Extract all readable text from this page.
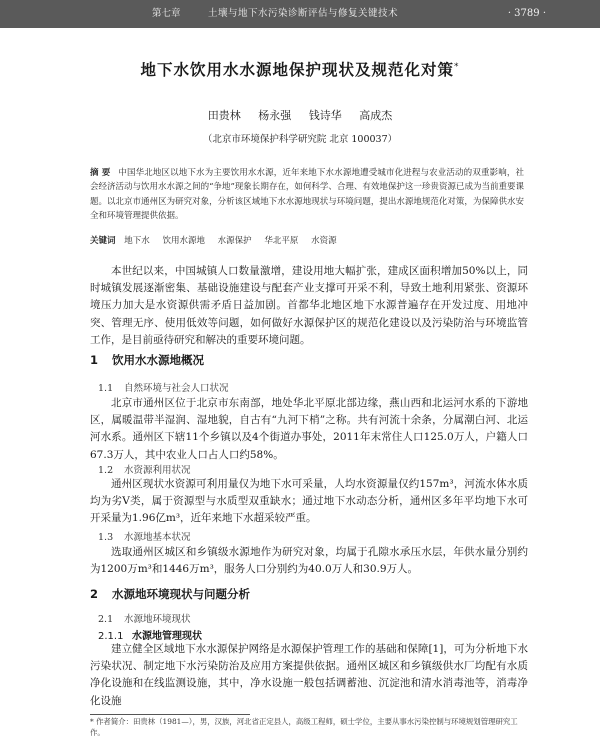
第七章	土壤与地下水污染诊断评估与修复关键技术	· 3789 ·
地下水饮用水水源地保护现状及规范化对策*
田贵林 杨永强 钱诗华 高成杰
（北京市环境保护科学研究院 北京 100037）
摘 要 中国华北地区以地下水为主要饮用水水源，近年来地下水水源地遭受城市化进程与农业活动的双重影响，社会经济活动与饮用水水源之间的“争地”现象长期存在，如何科学、合理、有效地保护这一珍贵资源已成为当前重要课题。以北京市通州区为研究对象，分析该区域地下水水源地现状与环境问题，提出水源地规范化对策，为保障供水安全和环境管理提供依据。
关键词 地下水 饮用水源地 水源保护 华北平原 水资源
本世纪以来，中国城镇人口数量激增，建设用地大幅扩张，建成区面积增加50%以上，同时城镇发展逐渐密集、基础设施建设与配套产业支撑可开采不利，导致土地利用紧张、资源环境压力加大是水资源供需矛盾日益加剧。首都华北地区地下水源普遍存在开发过度、用地冲突、管理无序、使用低效等问题，如何做好水源保护区的规范化建设以及污染防治与环境监管工作，是目前亟待研究和解决的重要环境问题。
1 饮用水水源地概况
1.1 自然环境与社会人口状况
北京市通州区位于北京市东南部，地处华北平原北部边缘，燕山西和北运河水系的下游地区，属暖温带半湿润、湿地貌，自古有“九河下梢”之称。共有河流十余条，分属潮白河、北运河水系。通州区下辖11个乡镇以及4个街道办事处，2011年末常住人口125.0万人，户籍人口67.3万人，其中农业人口占人口约58%。
1.2 水资源利用状况
通州区现状水资源可利用量仅为地下水可采量，人均水资源量仅约157m³，河流水体水质均为劣Ⅴ类，属于资源型与水质型双重缺水；通过地下水动态分析，通州区多年平均地下水可开采量为1.96亿m³，近年来地下水超采较严重。
1.3 水源地基本状况
选取通州区城区和乡镇级水源地作为研究对象，均属于孔隙水承压水层，年供水量分别约为1200万m³和1446万m³，服务人口分别约为40.0万人和30.9万人。
2 水源地环境现状与问题分析
2.1 水源地环境现状
2.1.1 水源地管理现状
建立健全区域地下水水源保护网络是水源保护管理工作的基础和保障[1]，可为分析地下水污染状况、制定地下水污染防治及应用方案提供依据。通州区城区和乡镇级供水厂均配有水质净化设施和在线监测设施，其中，净水设施一般包括调蓄池、沉淀池和清水消毒池等，消毒净化设施
* 作者简介：田贵林（1981—），男，汉族，河北省正定县人，高级工程师，硕士学位，主要从事水污染控制与环境规划管理研究工作。
